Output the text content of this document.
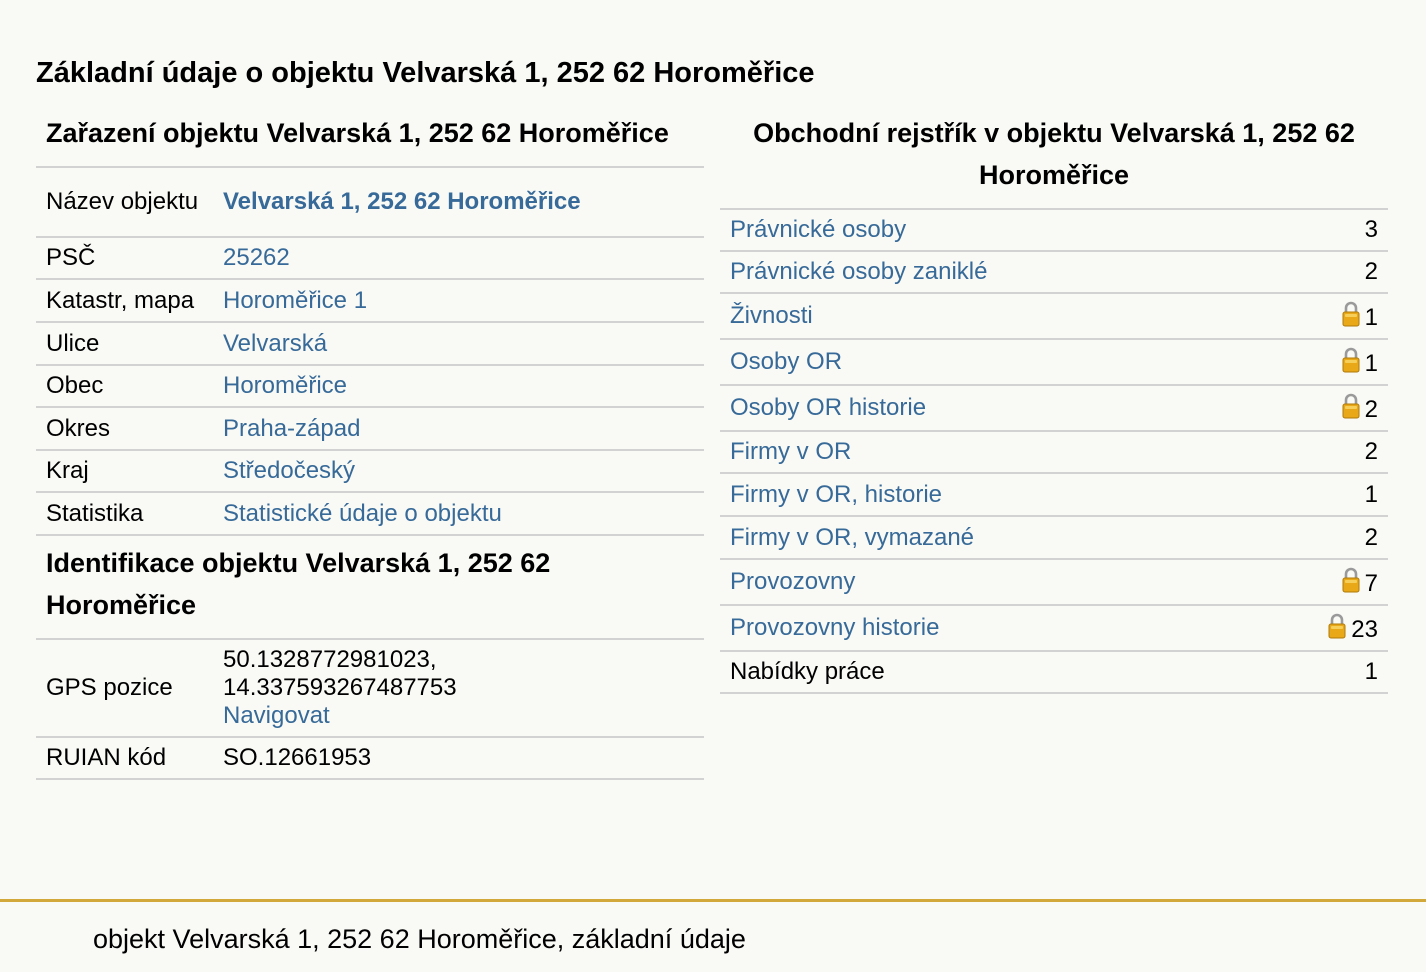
Základní údaje o objektu Velvarská 1, 252 62 Horoměřice
Zařazení objektu Velvarská 1, 252 62 Horoměřice
Název objektu	Velvarská 1, 252 62 Horoměřice
PSČ	25262
Katastr, mapa	Horoměřice 1
Ulice	Velvarská
Obec	Horoměřice
Okres	Praha-západ
Kraj	Středočeský
Statistika	Statistické údaje o objektu
Identifikace objektu Velvarská 1, 252 62 Horoměřice
GPS pozice	50.1328772981023,
14.337593267487753
Navigovat
RUIAN kód	SO.12661953
Obchodní rejstřík v objektu Velvarská 1, 252 62 Horoměřice
Právnické osoby	3
Právnické osoby zaniklé	2
Živnosti	1
Osoby OR	1
Osoby OR historie	2
Firmy v OR	2
Firmy v OR, historie	1
Firmy v OR, vymazané	2
Provozovny	7
Provozovny historie	23
Nabídky práce	1
objekt Velvarská 1, 252 62 Horoměřice, základní údaje
